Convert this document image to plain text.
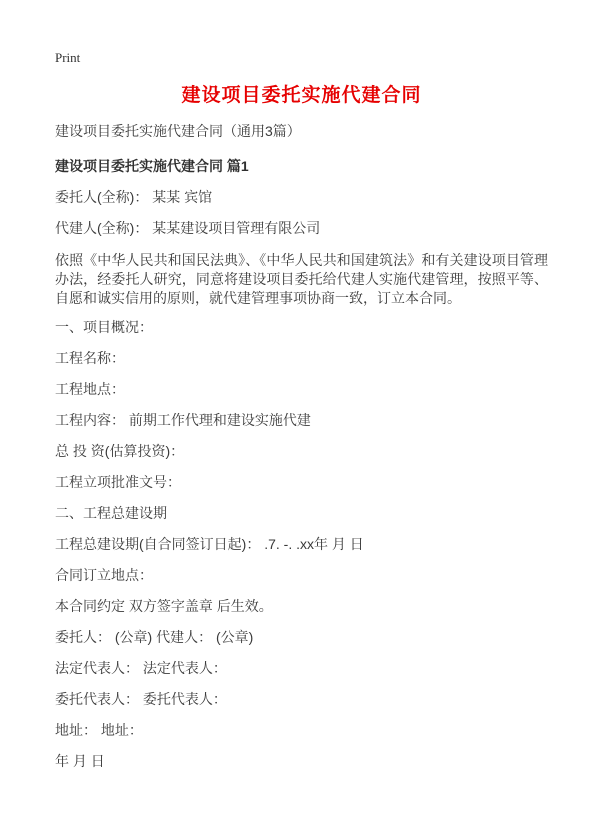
Print
建设项目委托实施代建合同

建设项目委托实施代建合同（通用3篇）

建设项目委托实施代建合同 篇1

委托人(全称)： 某某 宾馆

代建人(全称)： 某某建设项目管理有限公司

依照《中华人民共和国民法典》、《中华人民共和国建筑法》和有关建设项目管理办法，经委托人研究，同意将建设项目委托给代建人实施代建管理，按照平等、自愿和诚实信用的原则，就代建管理事项协商一致，订立本合同。

一、项目概况：

工程名称：

工程地点：

工程内容： 前期工作代理和建设实施代建

总 投 资(估算投资)：

工程立项批准文号：

二、工程总建设期

工程总建设期(自合同签订日起)： .7. -. .xx年 月 日

合同订立地点：

本合同约定 双方签字盖章 后生效。

委托人： (公章) 代建人： (公章)

法定代表人： 法定代表人：

委托代表人： 委托代表人：

地址： 地址：

年 月 日
